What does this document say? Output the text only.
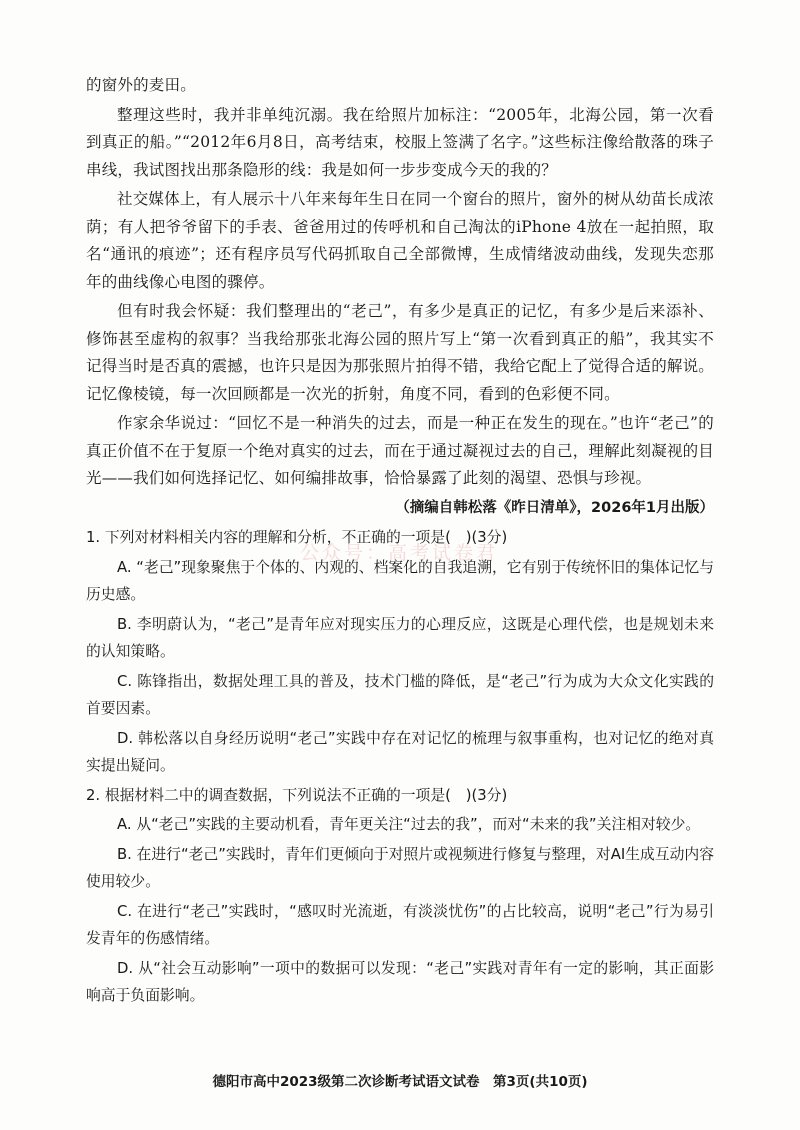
公众号：高考试卷君

的窗外的麦田。

整理这些时，我并非单纯沉溺。我在给照片加标注：“2005年，北海公园，第一次看到真正的船。”“2012年6月8日，高考结束，校服上签满了名字。”这些标注像给散落的珠子串线，我试图找出那条隐形的线：我是如何一步步变成今天的我的？

社交媒体上，有人展示十八年来每年生日在同一个窗台的照片，窗外的树从幼苗长成浓荫；有人把爷爷留下的手表、爸爸用过的传呼机和自己淘汰的iPhone 4放在一起拍照，取名“通讯的痕迹”；还有程序员写代码抓取自己全部微博，生成情绪波动曲线，发现失恋那年的曲线像心电图的骤停。

但有时我会怀疑：我们整理出的“老己”，有多少是真正的记忆，有多少是后来添补、修饰甚至虚构的叙事？当我给那张北海公园的照片写上“第一次看到真正的船”，我其实不记得当时是否真的震撼，也许只是因为那张照片拍得不错，我给它配上了觉得合适的解说。记忆像棱镜，每一次回顾都是一次光的折射，角度不同，看到的色彩便不同。

作家余华说过：“回忆不是一种消失的过去，而是一种正在发生的现在。”也许“老己”的真正价值不在于复原一个绝对真实的过去，而在于通过凝视过去的自己，理解此刻凝视的目光——我们如何选择记忆、如何编排故事，恰恰暴露了此刻的渴望、恐惧与珍视。

（摘编自韩松落《昨日清单》，2026年1月出版）

1. 下列对材料相关内容的理解和分析，不正确的一项是(　)(3分)

A. “老己”现象聚焦于个体的、内观的、档案化的自我追溯，它有别于传统怀旧的集体记忆与历史感。

B. 李明蔚认为，“老己”是青年应对现实压力的心理反应，这既是心理代偿，也是规划未来的认知策略。

C. 陈锋指出，数据处理工具的普及，技术门槛的降低，是“老己”行为成为大众文化实践的首要因素。

D. 韩松落以自身经历说明“老己”实践中存在对记忆的梳理与叙事重构，也对记忆的绝对真实提出疑问。

2. 根据材料二中的调查数据，下列说法不正确的一项是(　)(3分)

A. 从“老己”实践的主要动机看，青年更关注“过去的我”，而对“未来的我”关注相对较少。

B. 在进行“老己”实践时，青年们更倾向于对照片或视频进行修复与整理，对AI生成互动内容使用较少。

C. 在进行“老己”实践时，“感叹时光流逝，有淡淡忧伤”的占比较高，说明“老己”行为易引发青年的伤感情绪。

D. 从“社会互动影响”一项中的数据可以发现：“老己”实践对青年有一定的影响，其正面影响高于负面影响。

德阳市高中2023级第二次诊断考试语文试卷　第3页(共10页)
